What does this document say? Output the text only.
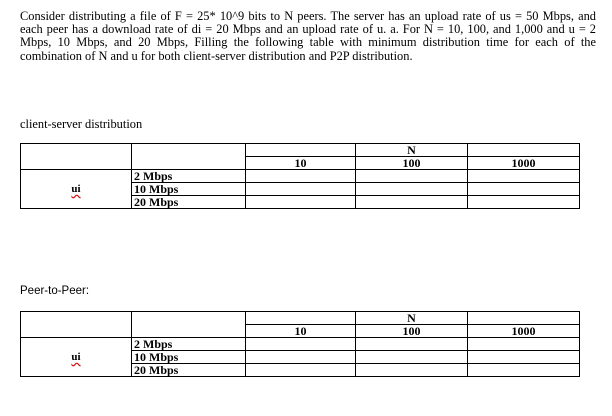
Consider distributing a file of F = 25* 10^9 bits to N peers. The server has an upload rate of us = 50 Mbps, and each peer has a download rate of di = 20 Mbps and an upload rate of u. a. For N = 10, 100, and 1,000 and u = 2 Mbps, 10 Mbps, and 20 Mbps, Filling the following table with minimum distribution time for each of the combination of N and u for both client-server distribution and P2P distribution.

client-server distribution

			N	
		10	100	1000
ui	2 Mbps			
	10 Mbps			
	20 Mbps			

Peer-to-Peer:

			N	
		10	100	1000
ui	2 Mbps			
	10 Mbps			
	20 Mbps			
